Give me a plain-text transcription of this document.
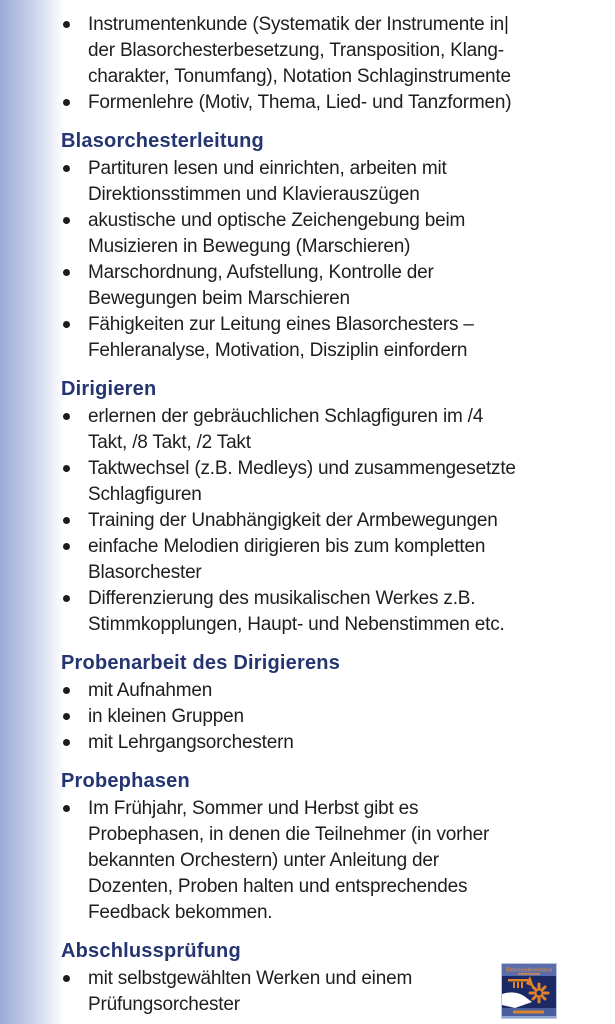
Instrumentenkunde (Systematik der Instrumente in|
der Blasorchesterbesetzung, Transposition, Klang-
charakter, Tonumfang), Notation Schlaginstrumente
Formenlehre (Motiv, Thema, Lied- und Tanzformen)
Blasorchesterleitung
Partituren lesen und einrichten, arbeiten mit
Direktionsstimmen und Klavierauszügen
akustische und optische Zeichengebung beim
Musizieren in Bewegung (Marschieren)
Marschordnung, Aufstellung, Kontrolle der
Bewegungen beim Marschieren
Fähigkeiten zur Leitung eines Blasorchesters –
Fehleranalyse, Motivation, Disziplin einfordern
Dirigieren
erlernen der gebräuchlichen Schlagfiguren im /4
Takt, /8 Takt, /2 Takt
Taktwechsel (z.B. Medleys) und zusammengesetzte
Schlagfiguren
Training der Unabhängigkeit der Armbewegungen
einfache Melodien dirigieren bis zum kompletten
Blasorchester
Differenzierung des musikalischen Werkes z.B.
Stimmkopplungen, Haupt- und Nebenstimmen etc.
Probenarbeit des Dirigierens
mit Aufnahmen
in kleinen Gruppen
mit Lehrgangsorchestern
Probephasen
Im Frühjahr, Sommer und Herbst gibt es
Probephasen, in denen die Teilnehmer (in vorher
bekannten Orchestern) unter Anleitung der
Dozenten, Proben halten und entsprechendes
Feedback bekommen.
Abschlussprüfung
mit selbstgewählten Werken und einem
Prüfungsorchester
Blasmusikverband
